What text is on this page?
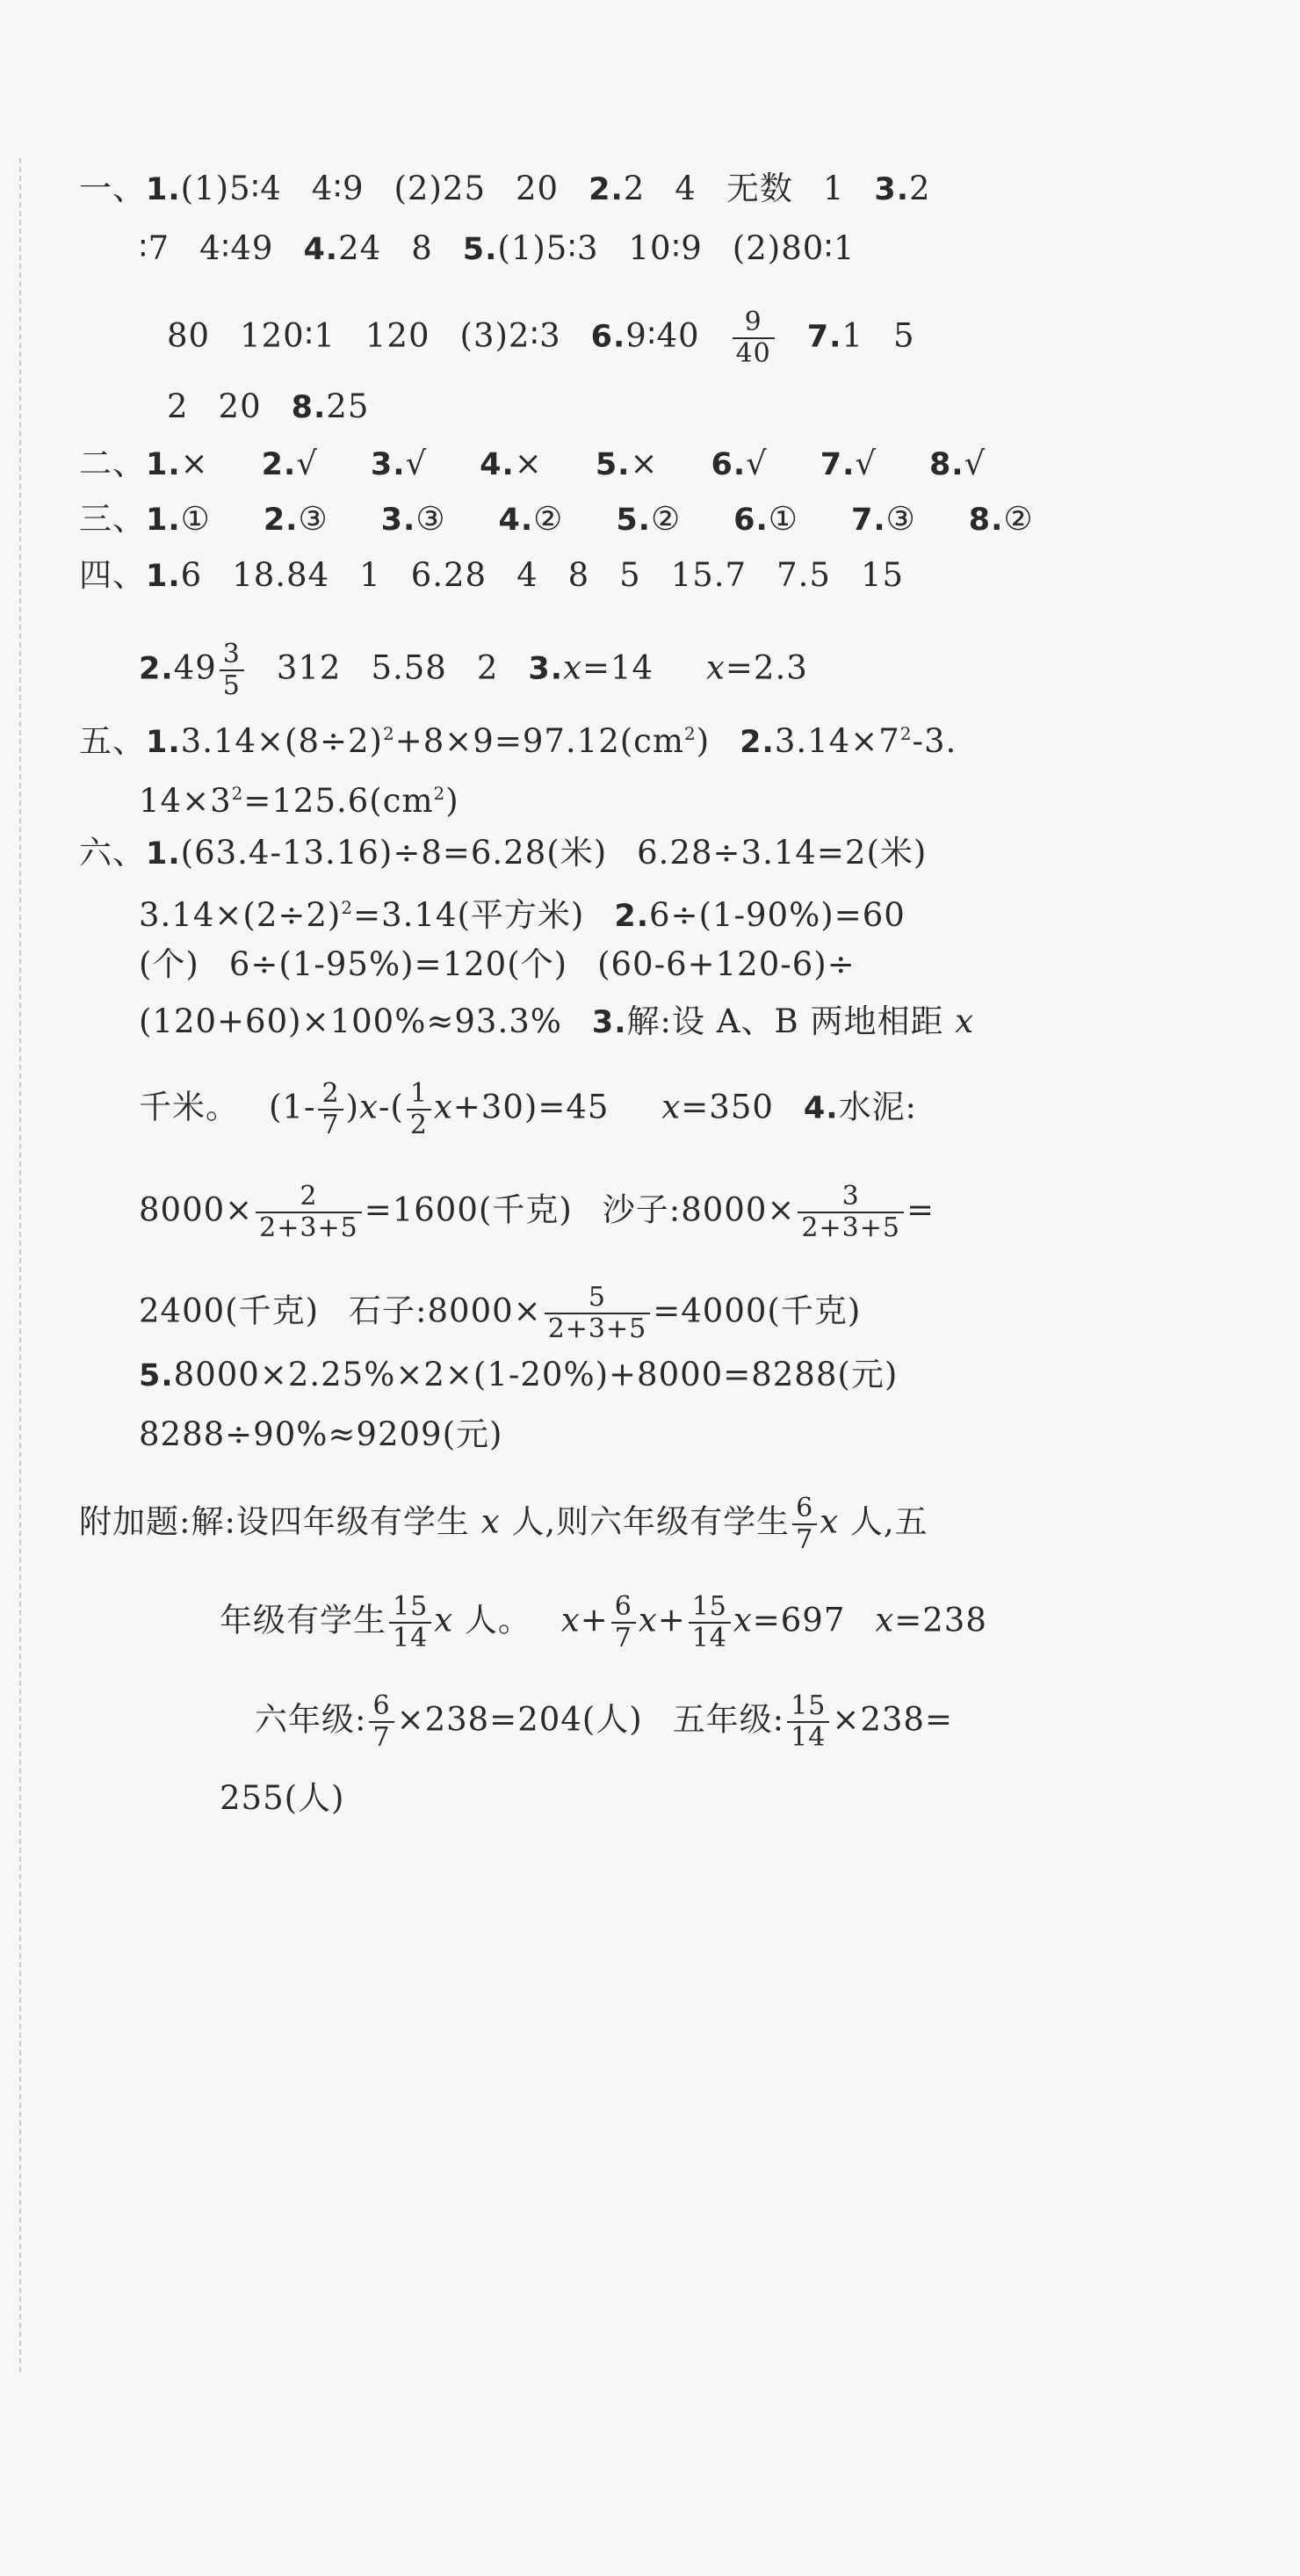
一、1.(1)5∶4 4∶9 (2)25 20 2.2 4 无数 1 3.2
∶7 4∶49 4.24 8 5.(1)5∶3 10∶9 (2)80∶1
80 120∶1 120 (3)2∶3 6.9∶40 $\frac{9}{40} 7.1$ 5
2 20 8.25
二、1.× 2.√ 3.√ 4.× 5.× 6.√ 7.√ 8.√
三、1.① 2.③ 3.③ 4.② 5.② 6.① 7.③ 8.②
四、1.6 18.84 1 6.28 4 8 5 15.7 7.5 15
$2.49 \frac{3}{5} 312$ 5.58 2 3.x=14 x=2.3
五、$1.3.14\times(8\div 2)^2+8\times 9=97.12(cm^2)$ $2.3.14\times 7^2-3$.
$14\times 3^2=125.6(cm^2)$
六、1.(63.4-13.16)÷8=6.28(米) 6.28÷3.14=2(米)
$3.14\times(2\div 2)^2=3.14$(平方米) 2.6÷(1-90%)=60
(个) 6÷(1-95%)=120(个) (60-6+120-6)÷
(120+60)×100%≈93.3% 3.解:设 A、B 两地相距 x
千米。 $(1- \frac{2}{7} )x-( \frac{1}{2} x+30)=45$ x=350 4.水泥:
$8000\times \frac{2}{2+3+5} =1600$(千克) 沙子:8000× $\frac{3}{2+3+5}$ =
2400(千克) 石子:8000× $\frac{5}{2+3+5} =4000$(千克)
5.8000×2.25%×2×(1-20%)+8000=8288(元)
8288÷90%≈9209(元)
附加题:解:设四年级有学生 x 人,则六年级有学生 $\frac{6}{7}$ x 人,五
年级有学生 $\frac{15}{14}$ x 人。 $x+ \frac{6}{7} x+ \frac{15}{14} x=697$ x=238
六年级: $\frac{6}{7} \times 238=204$(人) 五年级: $\frac{15}{14} \times 238=$
255(人)
